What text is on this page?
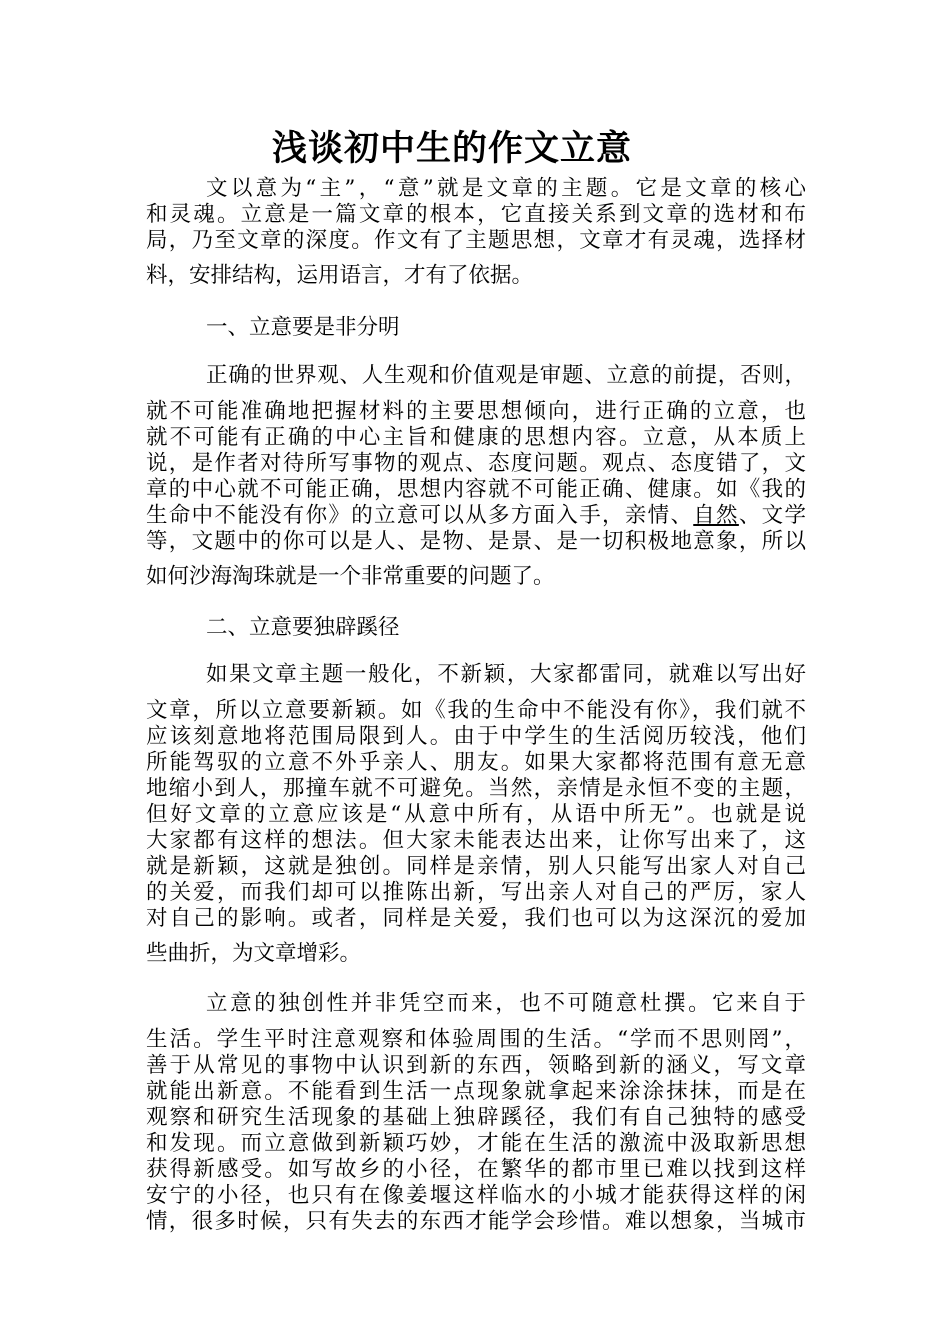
浅谈初中生的作文立意
文以意为“主”，“意”就是文章的主题。它是文章的核心
和灵魂。立意是一篇文章的根本，它直接关系到文章的选材和布
局，乃至文章的深度。作文有了主题思想，文章才有灵魂，选择材
料，安排结构，运用语言，才有了依据。
一、立意要是非分明
正确的世界观、人生观和价值观是审题、立意的前提，否则，
就不可能准确地把握材料的主要思想倾向，进行正确的立意，也
就不可能有正确的中心主旨和健康的思想内容。立意，从本质上
说，是作者对待所写事物的观点、态度问题。观点、态度错了，文
章的中心就不可能正确，思想内容就不可能正确、健康。如《我的
生命中不能没有你》的立意可以从多方面入手，亲情、自然、文学
等，文题中的你可以是人、是物、是景、是一切积极地意象，所以
如何沙海淘珠就是一个非常重要的问题了。
二、立意要独辟蹊径
如果文章主题一般化，不新颖，大家都雷同，就难以写出好
文章，所以立意要新颖。如《我的生命中不能没有你》，我们就不
应该刻意地将范围局限到人。由于中学生的生活阅历较浅，他们
所能驾驭的立意不外乎亲人、朋友。如果大家都将范围有意无意
地缩小到人，那撞车就不可避免。当然，亲情是永恒不变的主题，
但好文章的立意应该是“从意中所有，从语中所无”。也就是说
大家都有这样的想法。但大家未能表达出来，让你写出来了，这
就是新颖，这就是独创。同样是亲情，别人只能写出家人对自己
的关爱，而我们却可以推陈出新，写出亲人对自己的严厉，家人
对自己的影响。或者，同样是关爱，我们也可以为这深沉的爱加
些曲折，为文章增彩。
立意的独创性并非凭空而来，也不可随意杜撰。它来自于
生活。学生平时注意观察和体验周围的生活。“学而不思则罔”，
善于从常见的事物中认识到新的东西，领略到新的涵义，写文章
就能出新意。不能看到生活一点现象就拿起来涂涂抹抹，而是在
观察和研究生活现象的基础上独辟蹊径，我们有自己独特的感受
和发现。而立意做到新颖巧妙，才能在生活的激流中汲取新思想
获得新感受。如写故乡的小径，在繁华的都市里已难以找到这样
安宁的小径，也只有在像姜堰这样临水的小城才能获得这样的闲
情，很多时候，只有失去的东西才能学会珍惜。难以想象，当城市
